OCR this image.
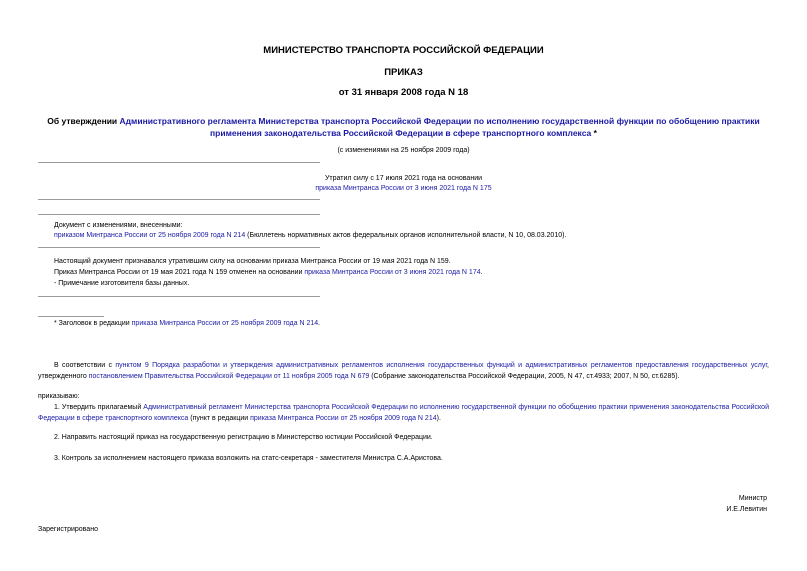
МИНИСТЕРСТВО ТРАНСПОРТА РОССИЙСКОЙ ФЕДЕРАЦИИ
ПРИКАЗ
от 31 января 2008 года N 18
Об утверждении Административного регламента Министерства транспорта Российской Федерации по исполнению государственной функции по обобщению практики применения законодательства Российской Федерации в сфере транспортного комплекса *
(с изменениями на 25 ноября 2009 года)
Утратил силу с 17 июля 2021 года на основании
приказа Минтранса России от 3 июня 2021 года N 175
Документ с изменениями, внесенными:
приказом Минтранса России от 25 ноября 2009 года N 214 (Бюллетень нормативных актов федеральных органов исполнительной власти, N 10, 08.03.2010).
Настоящий документ признавался утратившим силу на основании приказа Минтранса России от 19 мая 2021 года N 159.
Приказ Минтранса России от 19 мая 2021 года N 159 отменен на основании приказа Минтранса России от 3 июня 2021 года N 174.
- Примечание изготовителя базы данных.
* Заголовок в редакции приказа Минтранса России от 25 ноября 2009 года N 214.
В соответствии с пунктом 9 Порядка разработки и утверждения административных регламентов исполнения государственных функций и административных регламентов предоставления государственных услуг, утвержденного постановлением Правительства Российской Федерации от 11 ноября 2005 года N 679 (Собрание законодательства Российской Федерации, 2005, N 47, ст.4933; 2007, N 50, ст.6285).
приказываю:
1. Утвердить прилагаемый Административный регламент Министерства транспорта Российской Федерации по исполнению государственной функции по обобщению практики применения законодательства Российской Федерации в сфере транспортного комплекса (пункт в редакции приказа Минтранса России от 25 ноября 2009 года N 214).
2. Направить настоящий приказ на государственную регистрацию в Министерство юстиции Российской Федерации.
3. Контроль за исполнением настоящего приказа возложить на статс-секретаря - заместителя Министра С.А.Аристова.
Министр
И.Е.Левитин
Зарегистрировано
